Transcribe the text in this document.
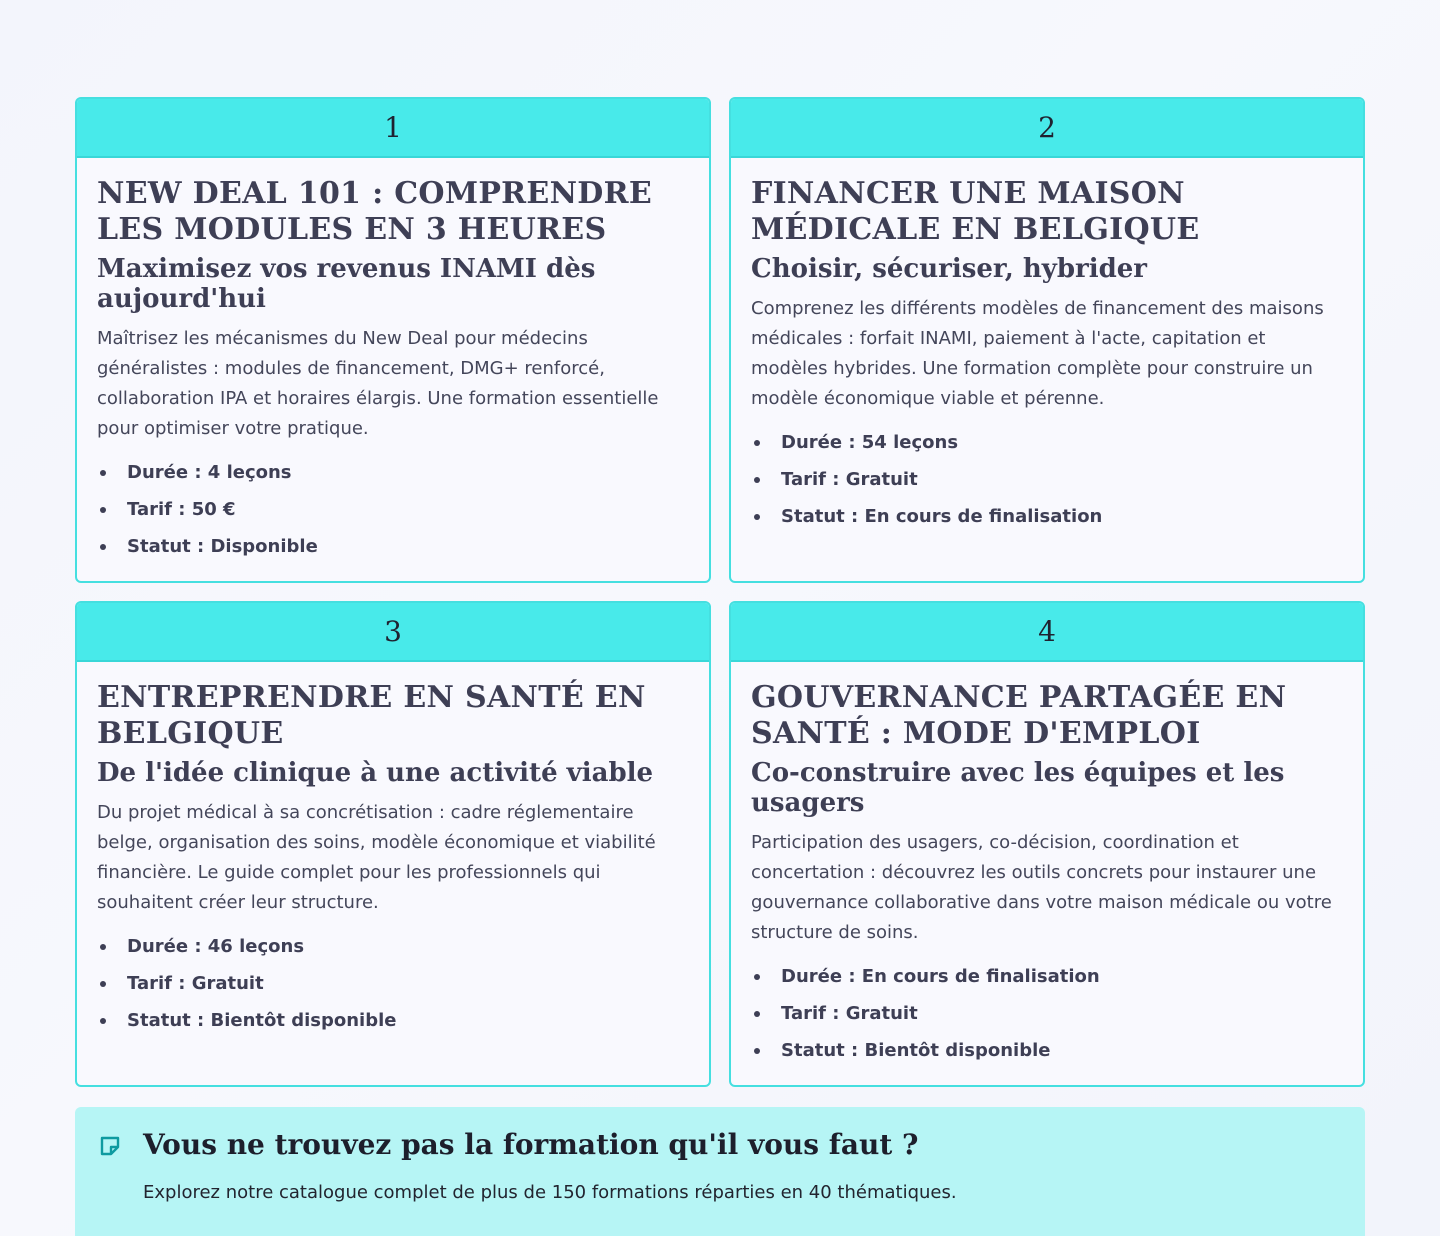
1
NEW DEAL 101 : COMPRENDRE LES MODULES EN 3 HEURES
Maximisez vos revenus INAMI dès aujourd'hui

Maîtrisez les mécanismes du New Deal pour médecins généralistes : modules de financement, DMG+ renforcé, collaboration IPA et horaires élargis. Une formation essentielle pour optimiser votre pratique.

Durée : 4 leçons
Tarif : 50 €
Statut : Disponible
2
FINANCER UNE MAISON MÉDICALE EN BELGIQUE
Choisir, sécuriser, hybrider

Comprenez les différents modèles de financement des maisons médicales : forfait INAMI, paiement à l'acte, capitation et modèles hybrides. Une formation complète pour construire un modèle économique viable et pérenne.

Durée : 54 leçons
Tarif : Gratuit
Statut : En cours de finalisation
3
ENTREPRENDRE EN SANTÉ EN BELGIQUE
De l'idée clinique à une activité viable

Du projet médical à sa concrétisation : cadre réglementaire belge, organisation des soins, modèle économique et viabilité financière. Le guide complet pour les professionnels qui souhaitent créer leur structure.

Durée : 46 leçons
Tarif : Gratuit
Statut : Bientôt disponible
4
GOUVERNANCE PARTAGÉE EN SANTÉ : MODE D'EMPLOI
Co-construire avec les équipes et les usagers

Participation des usagers, co-décision, coordination et concertation : découvrez les outils concrets pour instaurer une gouvernance collaborative dans votre maison médicale ou votre structure de soins.

Durée : En cours de finalisation
Tarif : Gratuit
Statut : Bientôt disponible
Vous ne trouvez pas la formation qu'il vous faut ?

Explorez notre catalogue complet de plus de 150 formations réparties en 40 thématiques.
